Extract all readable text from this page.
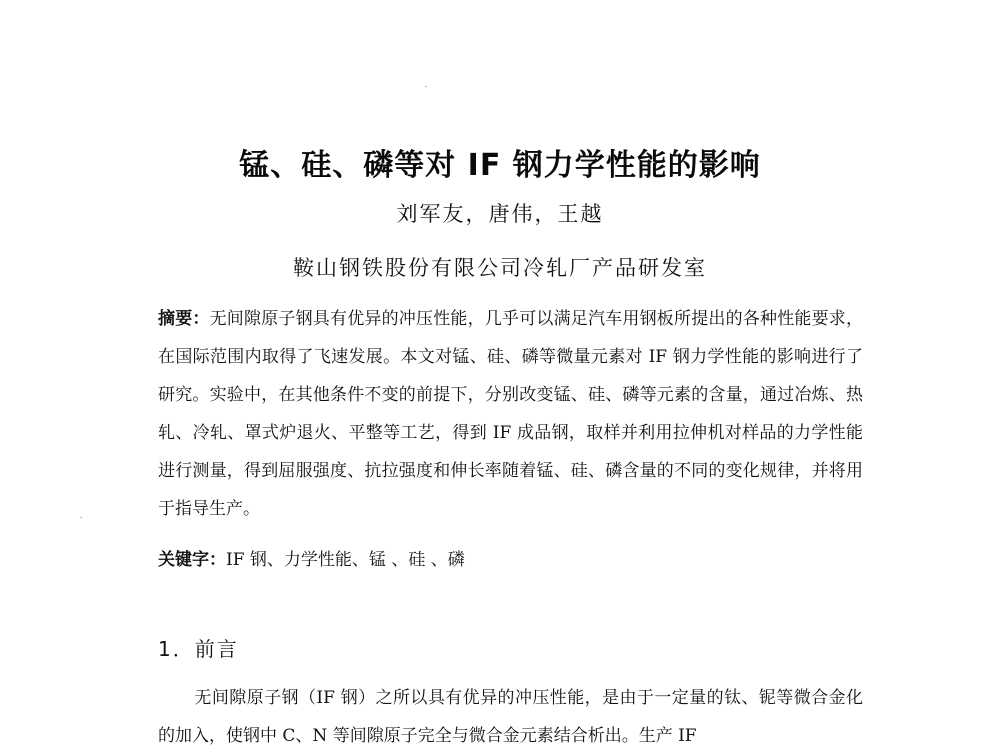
锰、硅、磷等对 IF 钢力学性能的影响
刘军友，唐伟，王越
鞍山钢铁股份有限公司冷轧厂产品研发室
摘要：无间隙原子钢具有优异的冲压性能，几乎可以满足汽车用钢板所提出的各种性能要求，在国际范围内取得了飞速发展。本文对锰、硅、磷等微量元素对 IF 钢力学性能的影响进行了研究。实验中，在其他条件不变的前提下，分别改变锰、硅、磷等元素的含量，通过冶炼、热轧、冷轧、罩式炉退火、平整等工艺，得到 IF 成品钢，取样并利用拉伸机对样品的力学性能进行测量，得到屈服强度、抗拉强度和伸长率随着锰、硅、磷含量的不同的变化规律，并将用于指导生产。
关键字：IF 钢、力学性能、锰 、硅 、磷
1．前言
无间隙原子钢（IF 钢）之所以具有优异的冲压性能，是由于一定量的钛、铌等微合金化的加入，使钢中 C、N 等间隙原子完全与微合金元素结合析出。生产 IF
